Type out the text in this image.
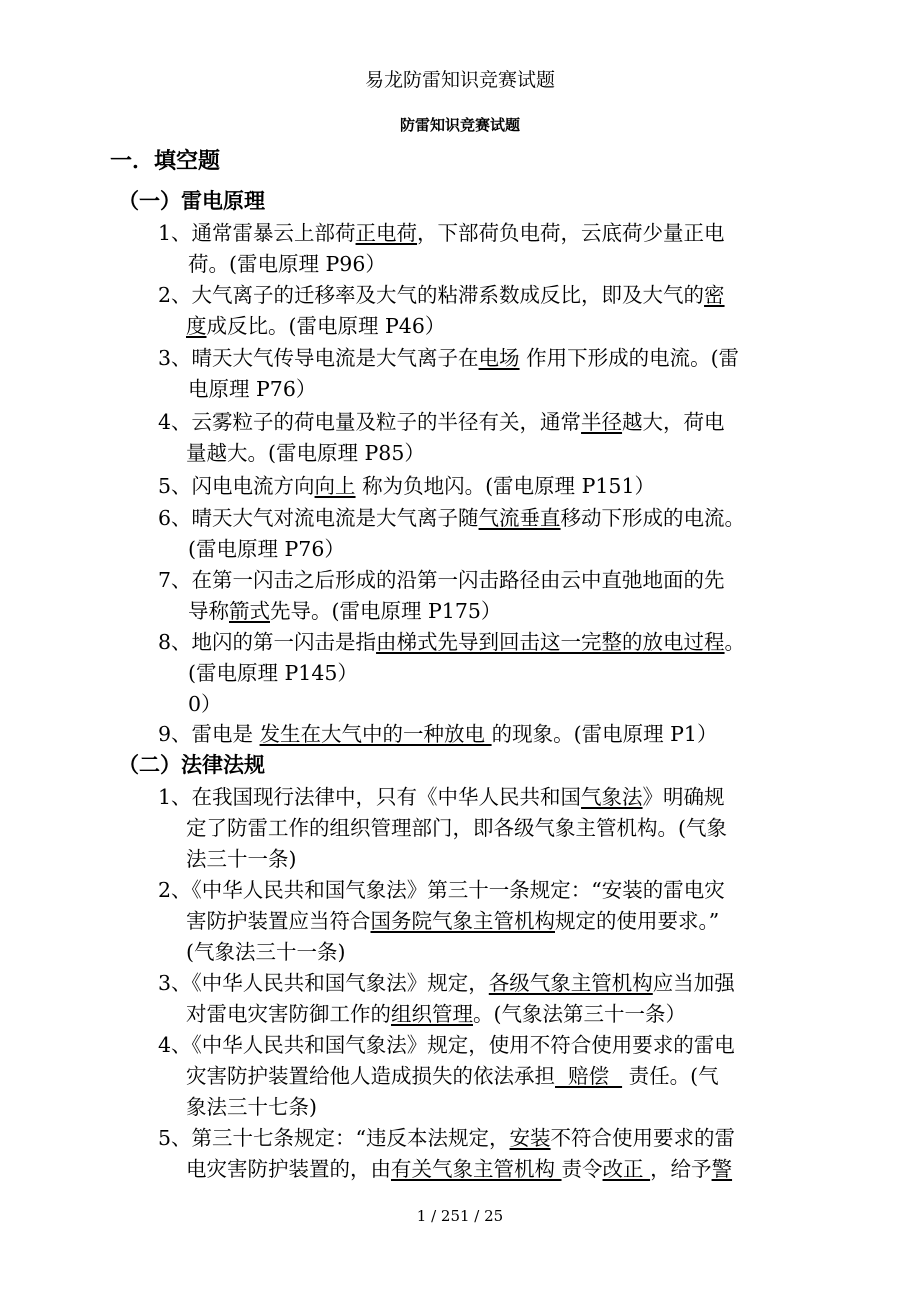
易龙防雷知识竞赛试题
防雷知识竞赛试题
一．填空题
（一）雷电原理
1、通常雷暴云上部荷正电荷，下部荷负电荷，云底荷少量正电
荷。(雷电原理 P96）
2、大气离子的迁移率及大气的粘滞系数成反比，即及大气的密
度成反比。(雷电原理 P46）
3、晴天大气传导电流是大气离子在电场 作用下形成的电流。(雷
电原理 P76）
4、云雾粒子的荷电量及粒子的半径有关，通常半径越大，荷电
量越大。(雷电原理 P85）
5、闪电电流方向向上 称为负地闪。(雷电原理 P151）
6、晴天大气对流电流是大气离子随气流垂直移动下形成的电流。
(雷电原理 P76）
7、在第一闪击之后形成的沿第一闪击路径由云中直弛地面的先
导称箭式先导。(雷电原理 P175）
8、地闪的第一闪击是指由梯式先导到回击这一完整的放电过程。
(雷电原理 P145）
0）
9、雷电是 发生在大气中的一种放电 的现象。(雷电原理 P1）
（二）法律法规
1、在我国现行法律中，只有《中华人民共和国气象法》明确规
定了防雷工作的组织管理部门，即各级气象主管机构。(气象
法三十一条)
2、《中华人民共和国气象法》第三十一条规定：“安装的雷电灾
害防护装置应当符合国务院气象主管机构规定的使用要求。”
(气象法三十一条)
3、《中华人民共和国气象法》规定，各级气象主管机构应当加强
对雷电灾害防御工作的组织管理。(气象法第三十一条）
4、《中华人民共和国气象法》规定，使用不符合使用要求的雷电
灾害防护装置给他人造成损失的依法承担  赔偿   责任。(气
象法三十七条)
5、第三十七条规定：“违反本法规定，安装不符合使用要求的雷
电灾害防护装置的，由有关气象主管机构 责令改正 ，给予警
1 / 251 / 25
